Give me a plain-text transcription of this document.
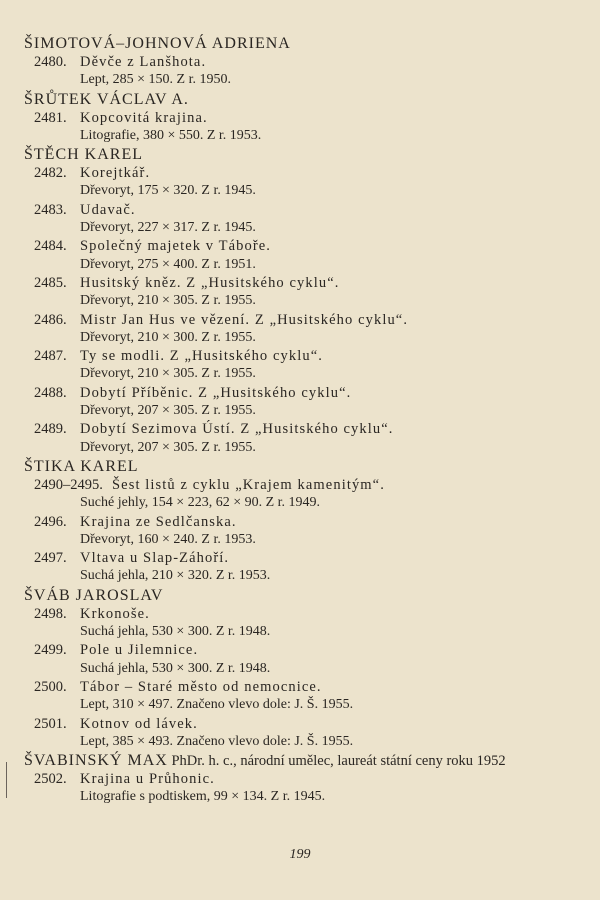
ŠIMOTOVÁ–JOHNOVÁ ADRIENA
2480. Děvče z Lanšhota.
Lept, 285 × 150. Z r. 1950.
ŠRŮTEK VÁCLAV A.
2481. Kopcovitá krajina.
Litografie, 380 × 550. Z r. 1953.
ŠTĚCH KAREL
2482. Korejtkář.
Dřevoryt, 175 × 320. Z r. 1945.
2483. Udavač.
Dřevoryt, 227 × 317. Z r. 1945.
2484. Společný majetek v Táboře.
Dřevoryt, 275 × 400. Z r. 1951.
2485. Husitský kněz. Z „Husitského cyklu“.
Dřevoryt, 210 × 305. Z r. 1955.
2486. Mistr Jan Hus ve vězení. Z „Husitského cyklu“.
Dřevoryt, 210 × 300. Z r. 1955.
2487. Ty se modli. Z „Husitského cyklu“.
Dřevoryt, 210 × 305. Z r. 1955.
2488. Dobytí Příběnic. Z „Husitského cyklu“.
Dřevoryt, 207 × 305. Z r. 1955.
2489. Dobytí Sezimova Ústí. Z „Husitského cyklu“.
Dřevoryt, 207 × 305. Z r. 1955.
ŠTIKA KAREL
2490–2495. Šest listů z cyklu „Krajem kamenitým“.
Suché jehly, 154 × 223, 62 × 90. Z r. 1949.
2496. Krajina ze Sedlčanska.
Dřevoryt, 160 × 240. Z r. 1953.
2497. Vltava u Slap-Záhoří.
Suchá jehla, 210 × 320. Z r. 1953.
ŠVÁB JAROSLAV
2498. Krkonoše.
Suchá jehla, 530 × 300. Z r. 1948.
2499. Pole u Jilemnice.
Suchá jehla, 530 × 300. Z r. 1948.
2500. Tábor – Staré město od nemocnice.
Lept, 310 × 497. Značeno vlevo dole: J. Š. 1955.
2501. Kotnov od lávek.
Lept, 385 × 493. Značeno vlevo dole: J. Š. 1955.
ŠVABINSKÝ MAX PhDr. h. c., národní umělec, laureát státní ceny roku 1952
2502. Krajina u Průhonic.
Litografie s podtiskem, 99 × 134. Z r. 1945.
199
